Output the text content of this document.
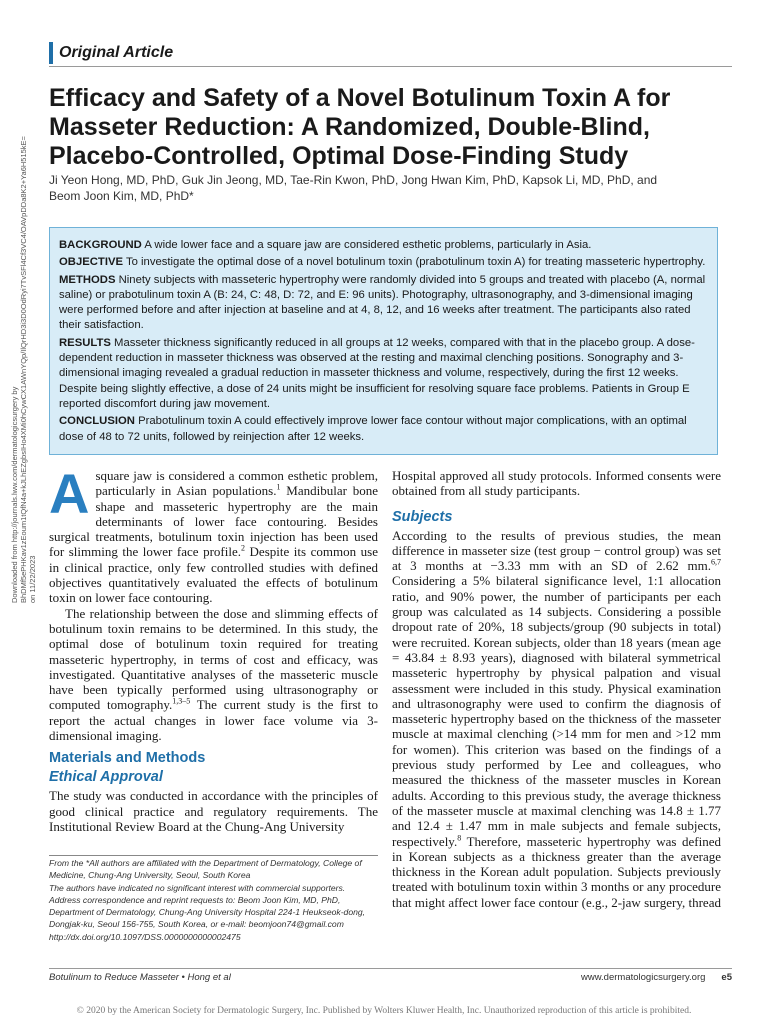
Original Article
Efficacy and Safety of a Novel Botulinum Toxin A for Masseter Reduction: A Randomized, Double-Blind, Placebo-Controlled, Optimal Dose-Finding Study
Ji Yeon Hong, MD, PhD, Guk Jin Jeong, MD, Tae-Rin Kwon, PhD, Jong Hwan Kim, PhD, Kapsok Li, MD, PhD, and
Beom Joon Kim, MD, PhD*
Downloaded from http://journals.lww.com/dermatologicsurgery by BhDMf5ePHKav1zEoum1tQfN4a+kJLhEZgbsIHo4XMi0hCywCX1AWnYQp/IlQrHD3i3D0OdRyi7TvSFl4Cf3VC4/OAVpDDa8K2+Ya6H515kE= on 11/22/2023

BACKGROUND A wide lower face and a square jaw are considered esthetic problems, particularly in Asia.

OBJECTIVE To investigate the optimal dose of a novel botulinum toxin (prabotulinum toxin A) for treating masseteric hypertrophy.

METHODS Ninety subjects with masseteric hypertrophy were randomly divided into 5 groups and treated with placebo (A, normal saline) or prabotulinum toxin A (B: 24, C: 48, D: 72, and E: 96 units). Photography, ultrasonography, and 3-dimensional imaging were performed before and after injection at baseline and at 4, 8, 12, and 16 weeks after treatment. The participants also rated their satisfaction.

RESULTS Masseter thickness significantly reduced in all groups at 12 weeks, compared with that in the placebo group. A dose-dependent reduction in masseter thickness was observed at the resting and maximal clenching positions. Sonography and 3-dimensional imaging revealed a gradual reduction in masseter thickness and volume, respectively, during the first 12 weeks. Despite being slightly effective, a dose of 24 units might be insufficient for resolving square face problems. Patients in Group E reported discomfort during jaw movement.

CONCLUSION Prabotulinum toxin A could effectively improve lower face contour without major complications, with an optimal dose of 48 to 72 units, followed by reinjection after 12 weeks.

Asquare jaw is considered a common esthetic problem, particularly in Asian populations.$^1$ Mandibular bone shape and masseteric hypertrophy are the main determinants of lower face contouring. Besides surgical treatments, botulinum toxin injection has been used for slimming the lower face profile.$^2$ Despite its common use in clinical practice, only few controlled studies with defined objectives quantitatively evaluated the effects of botulinum toxin on lower face contouring.

The relationship between the dose and slimming effects of botulinum toxin remains to be determined. In this study, the optimal dose of botulinum toxin required for treating masseteric hypertrophy, in terms of cost and efficacy, was investigated. Quantitative analyses of the masseteric muscle have been typically performed using ultrasonography or computed tomography.$^{1,3-5}$ The current study is the first to report the actual changes in lower face volume via 3-dimensional imaging.

Materials and Methods
Ethical Approval

The study was conducted in accordance with the principles of good clinical practice and regulatory requirements. The Institutional Review Board at the Chung-Ang University

Hospital approved all study protocols. Informed consents were obtained from all study participants.

Subjects

According to the results of previous studies, the mean difference in masseter size (test group − control group) was set at 3 months at −3.33 mm with an SD of 2.62 mm.$^{6,7}$ Considering a 5% bilateral significance level, 1:1 allocation ratio, and 90% power, the number of participants per each group was calculated as 14 subjects. Considering a possible dropout rate of 20%, 18 subjects/group (90 subjects in total) were recruited. Korean subjects, older than 18 years (mean age = 43.84 ± 8.93 years), diagnosed with bilateral symmetrical masseteric hypertrophy by physical palpation and visual assessment were included in this study. Physical examination and ultrasonography were used to confirm the diagnosis of masseteric hypertrophy based on the thickness of the masseter muscle at maximal clenching (>14 mm for men and >12 mm for women). This criterion was based on the findings of a previous study performed by Lee and colleagues, who measured the thickness of the masseter muscles in Korean adults. According to this previous study, the average thickness of the masseter muscle at maximal clenching was 14.8 ± 1.77 and 12.4 ± 1.47 mm in male subjects and female subjects, respectively.$^8$ Therefore, masseteric hypertrophy was defined in Korean subjects as a thickness greater than the average thickness in the Korean adult population. Subjects previously treated with botulinum toxin within 3 months or any procedure that might affect lower face contour (e.g., 2-jaw surgery, thread

From the *All authors are affiliated with the Department of Dermatology, College of Medicine, Chung-Ang University, Seoul, South Korea

The authors have indicated no significant interest with commercial supporters.

Address correspondence and reprint requests to: Beom Joon Kim, MD, PhD, Department of Dermatology, Chung-Ang University Hospital 224-1 Heukseok-dong, Dongjak-ku, Seoul 156-755, South Korea, or e-mail: beomjoon74@gmail.com

http://dx.doi.org/10.1097/DSS.0000000000002475

Botulinum to Reduce Masseter • Hong et al	www.dermatologicsurgery.org e5
© 2020 by the American Society for Dermatologic Surgery, Inc. Published by Wolters Kluwer Health, Inc. Unauthorized reproduction of this article is prohibited.
